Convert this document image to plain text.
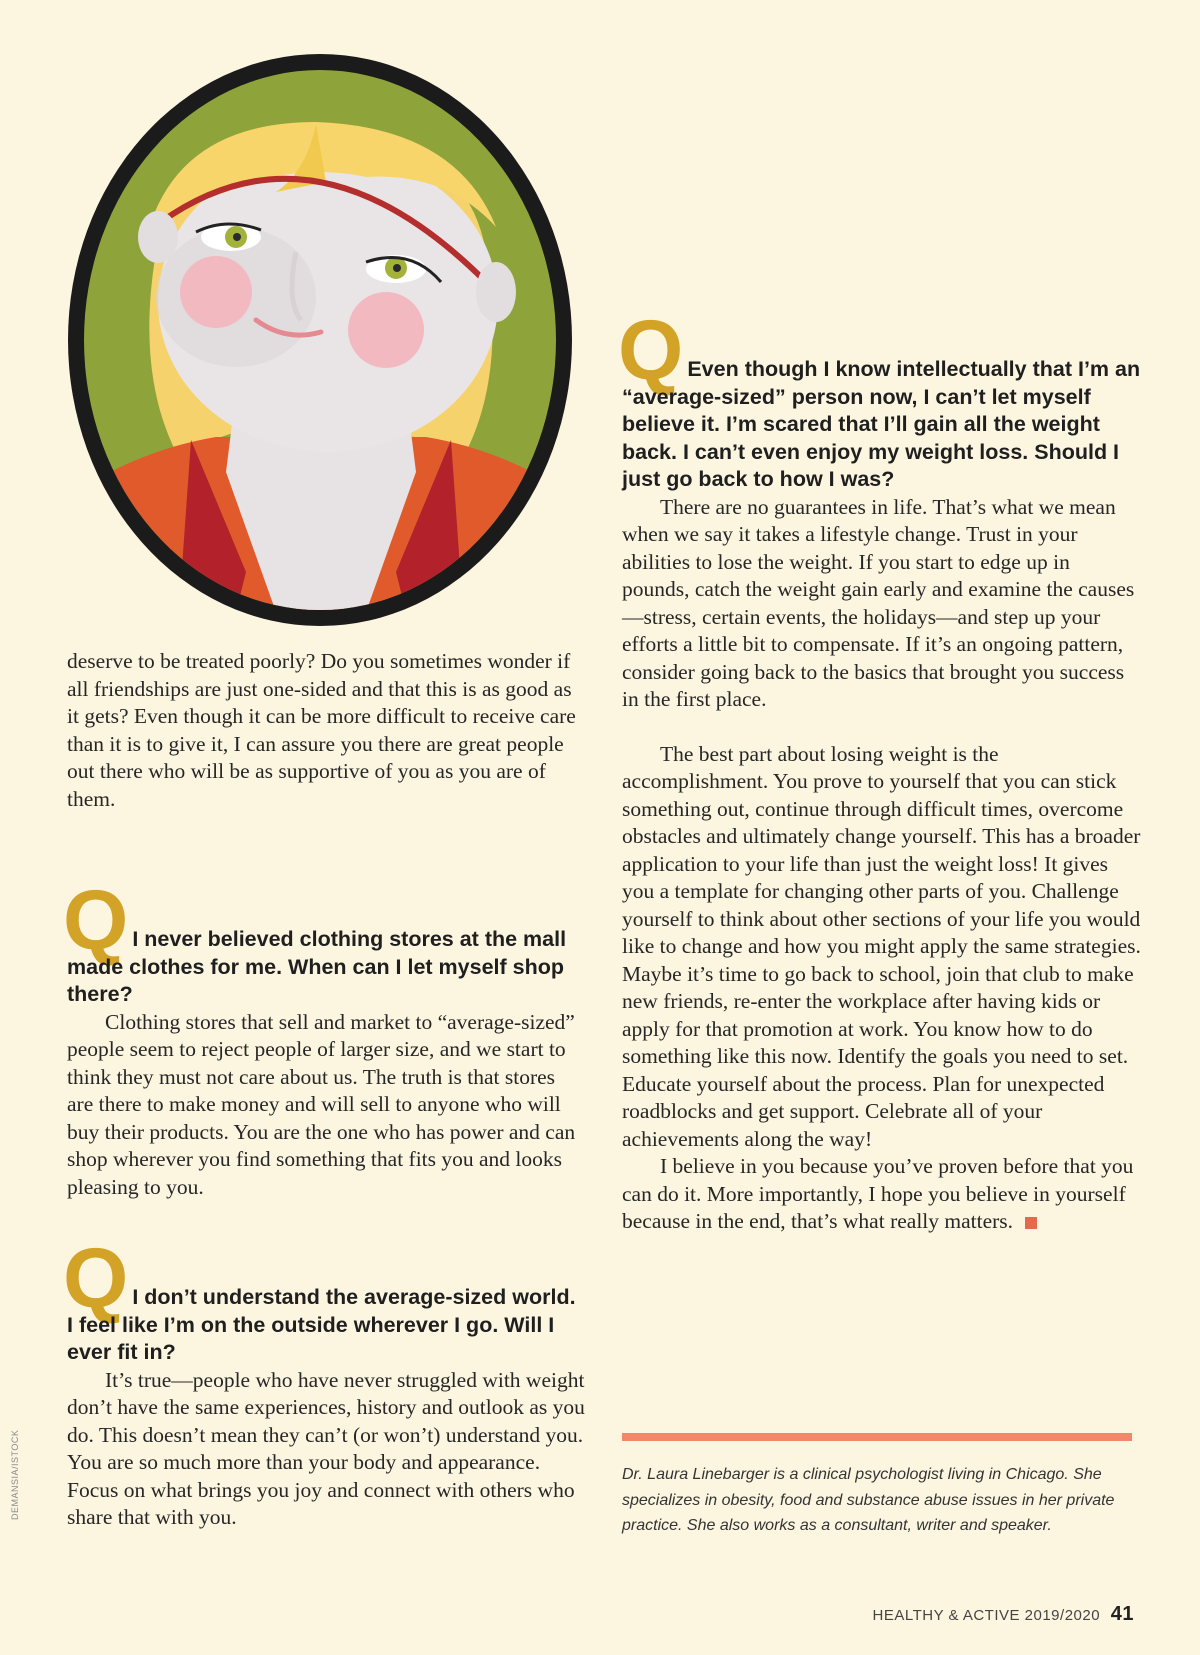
DEMANSIA/ISTOCK

deserve to be treated poorly? Do you sometimes wonder if all friendships are just one-sided and that this is as good as it gets? Even though it can be more difficult to receive care than it is to give it, I can assure you there are great people out there who will be as supportive of you as you are of them.

Q I never believed clothing stores at the mall made clothes for me. When can I let myself shop there?

Clothing stores that sell and market to “average-sized” people seem to reject people of larger size, and we start to think they must not care about us. The truth is that stores are there to make money and will sell to anyone who will buy their products. You are the one who has power and can shop wherever you find something that fits you and looks pleasing to you.

Q I don’t understand the average-sized world. I feel like I’m on the outside wherever I go. Will I ever fit in?

It’s true—people who have never struggled with weight don’t have the same experiences, history and outlook as you do. This doesn’t mean they can’t (or won’t) understand you. You are so much more than your body and appearance. Focus on what brings you joy and connect with others who share that with you.

Q Even though I know intellectually that I’m an “average-sized” person now, I can’t let myself believe it. I’m scared that I’ll gain all the weight back. I can’t even enjoy my weight loss. Should I just go back to how I was?

There are no guarantees in life. That’s what we mean when we say it takes a lifestyle change. Trust in your abilities to lose the weight. If you start to edge up in pounds, catch the weight gain early and examine the causes—stress, certain events, the holidays—and step up your efforts a little bit to compensate. If it’s an ongoing pattern, consider going back to the basics that brought you success in the first place.

The best part about losing weight is the accomplishment. You prove to yourself that you can stick something out, continue through difficult times, overcome obstacles and ultimately change yourself. This has a broader application to your life than just the weight loss! It gives you a template for changing other parts of you. Challenge yourself to think about other sections of your life you would like to change and how you might apply the same strategies. Maybe it’s time to go back to school, join that club to make new friends, re-enter the workplace after having kids or apply for that promotion at work. You know how to do something like this now. Identify the goals you need to set. Educate yourself about the process. Plan for unexpected roadblocks and get support. Celebrate all of your achievements along the way!

I believe in you because you’ve proven before that you can do it. More importantly, I hope you believe in yourself because in the end, that’s what really matters.

Dr. Laura Linebarger is a clinical psychologist living in Chicago. She specializes in obesity, food and substance abuse issues in her private practice. She also works as a consultant, writer and speaker.

HEALTHY & ACTIVE 2019/2020 41
